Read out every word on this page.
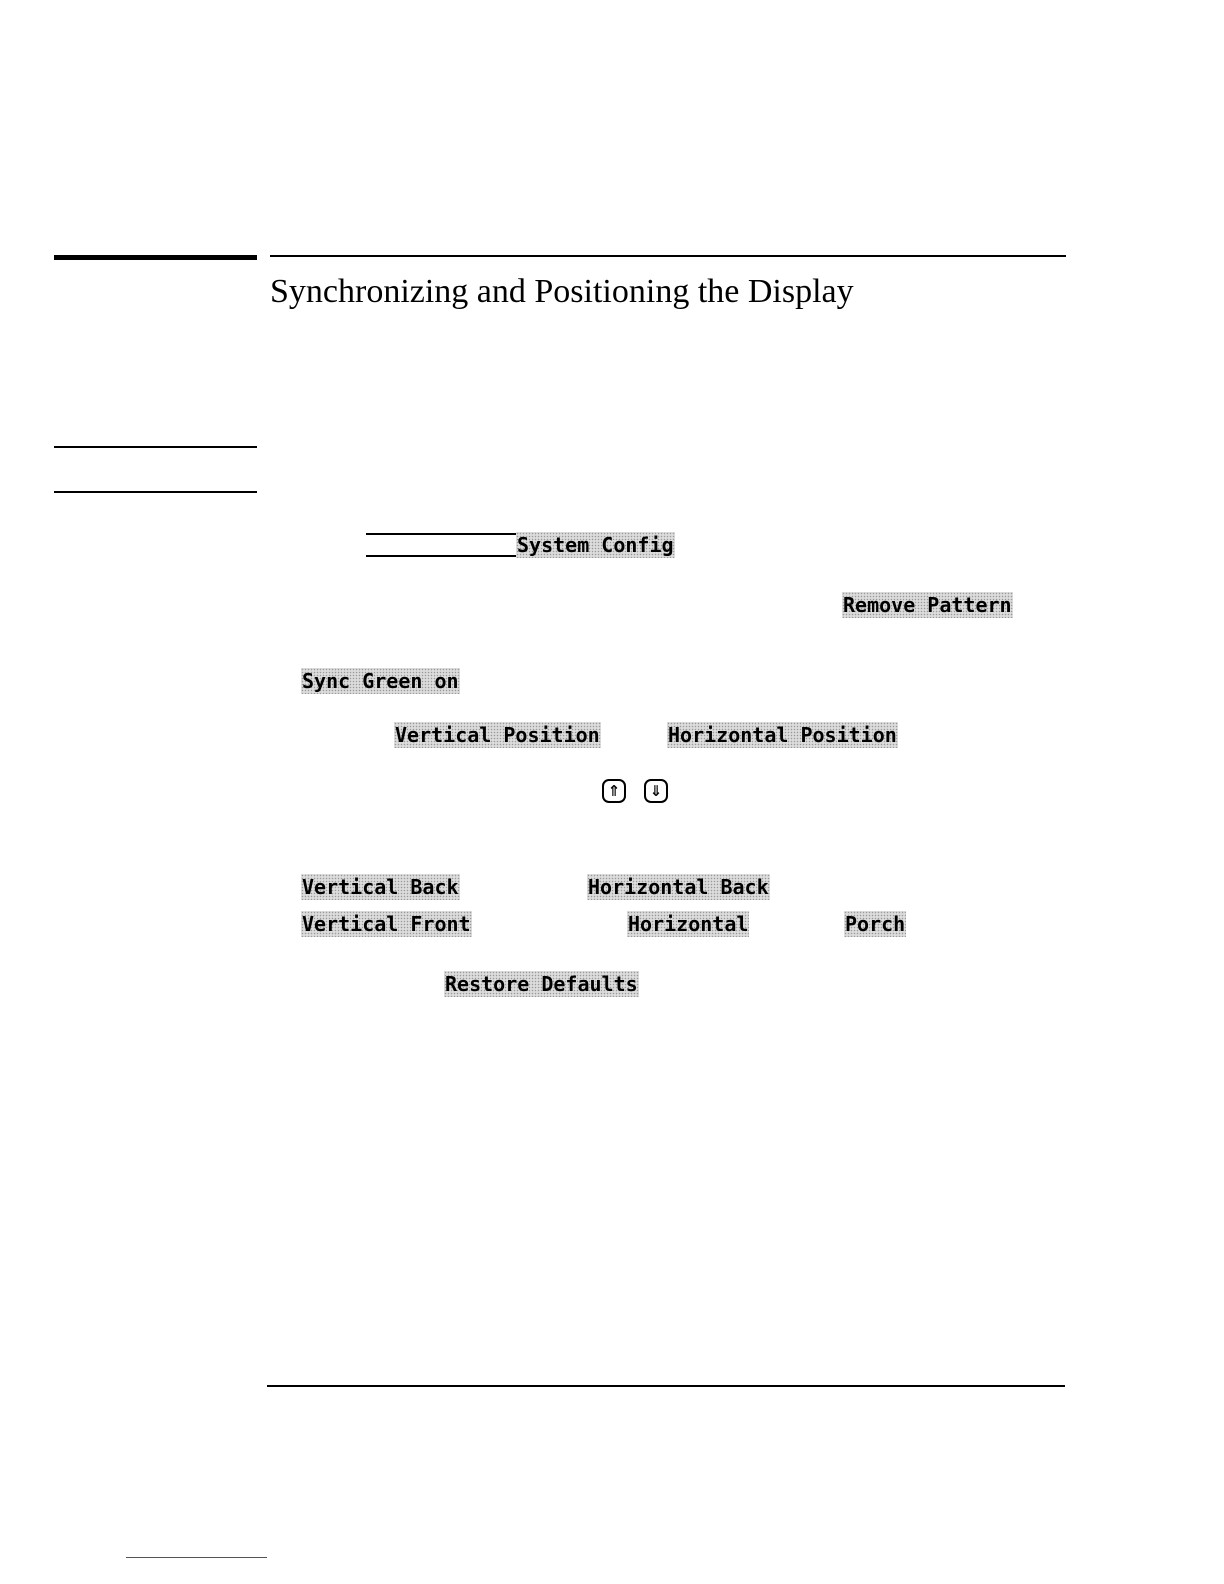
Synchronizing and Positioning the Display
System Config
Remove Pattern
Sync Green on
Vertical Position	Horizontal Position
⇑	⇓
Vertical Back	Horizontal Back
Vertical Front	Horizontal	Porch
Restore Defaults
